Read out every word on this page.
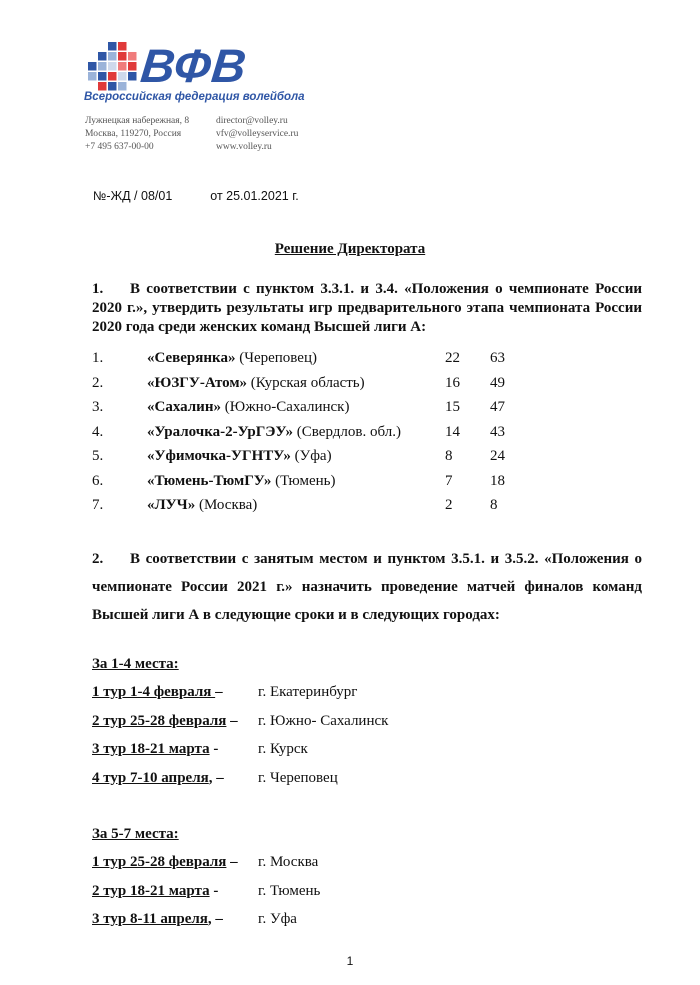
ВФВ
Всероссийская федерация волейбола
Лужнецкая набережная, 8
Москва, 119270, Россия
+7 495 637-00-00
director@volley.ru
vfv@volleyservice.ru
www.volley.ru
№-ЖД / 08/01	от 25.01.2021 г.
Решение Директората
1. В соответствии с пунктом 3.3.1. и 3.4. «Положения о чемпионате России 2020 г.», утвердить результаты игр предварительного этапа чемпионата России 2020 года среди женских команд Высшей лиги А:
1.	«Северянка» (Череповец)	22 63
2.	«ЮЗГУ-Атом» (Курская область)	16 49
3.	«Сахалин» (Южно-Сахалинск)	15 47
4.	«Уралочка-2-УрГЭУ» (Свердлов. обл.)	14 43
5.	«Уфимочка-УГНТУ» (Уфа)	8	24
6.	«Тюмень-ТюмГУ» (Тюмень)	7	18
7.	«ЛУЧ» (Москва)	2	8
2. В соответствии с занятым местом и пунктом 3.5.1. и 3.5.2. «Положения о чемпионате России 2021 г.» назначить проведение матчей финалов команд Высшей лиги А в следующие сроки и в следующих городах:
За 1-4 места:
1 тур 1-4 февраля – г. Екатеринбург
2 тур 25-28 февраля – г. Южно- Сахалинск
3 тур 18-21 марта -	г. Курск
4 тур 7-10 апреля, – г. Череповец
За 5-7 места:
1 тур 25-28 февраля – г. Москва
2 тур 18-21 марта -	г. Тюмень
3 тур 8-11 апреля, – г. Уфа
1
